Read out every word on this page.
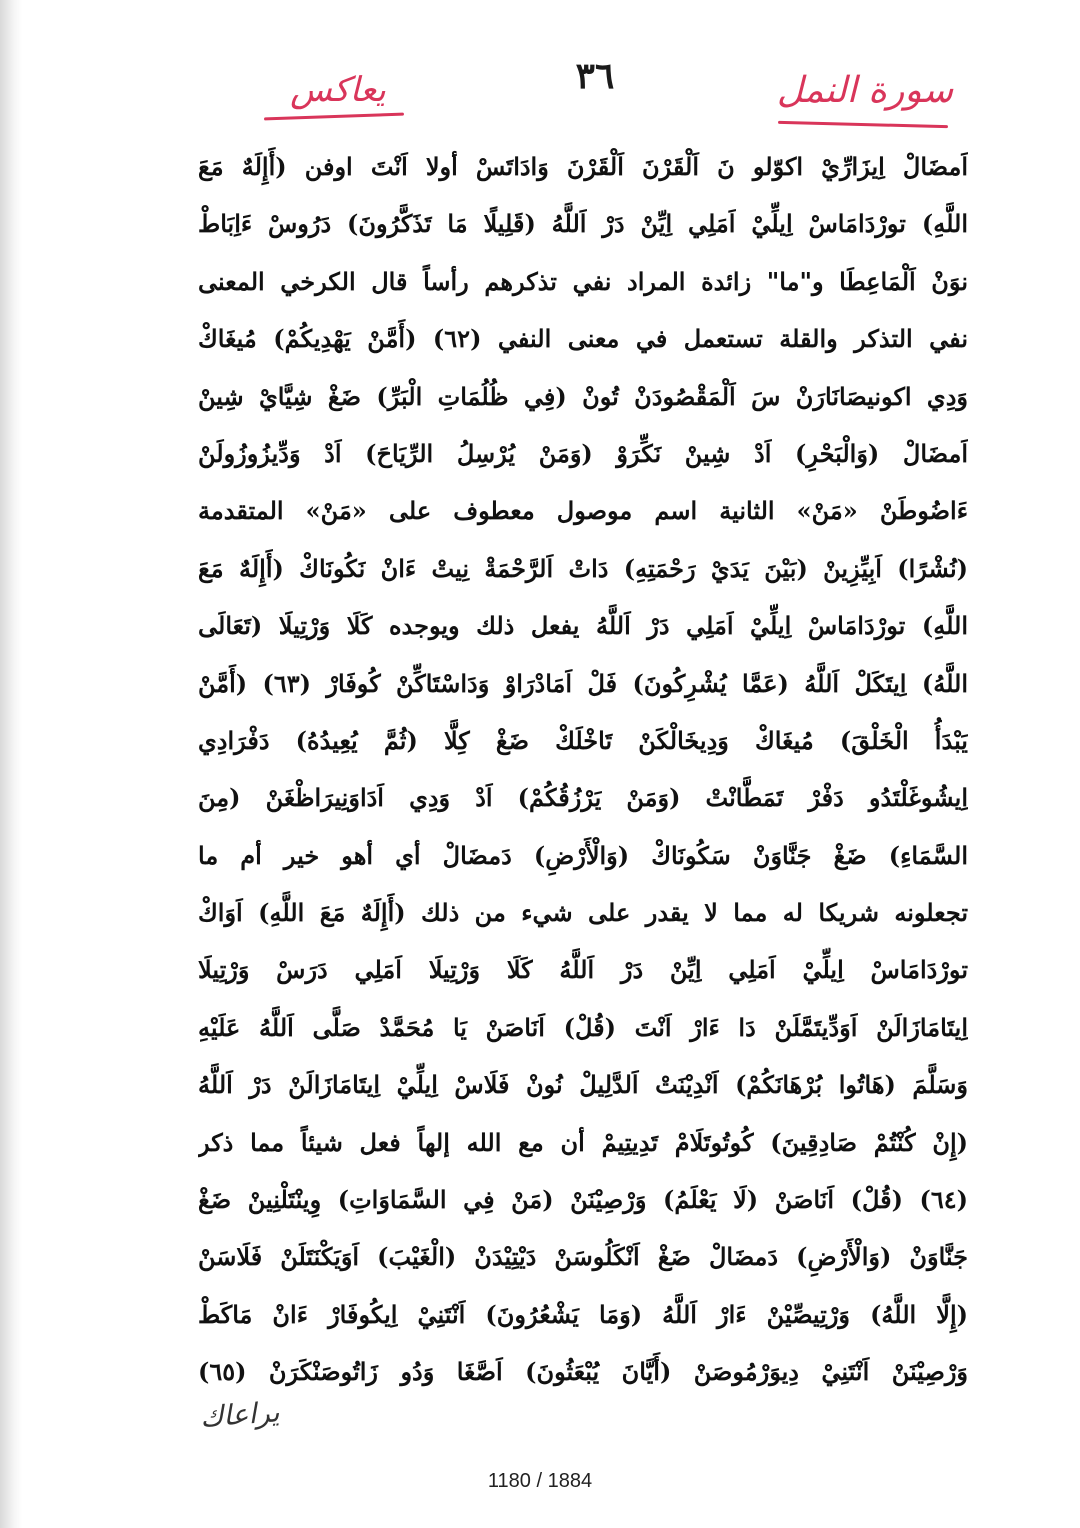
يعاكس	٣٦	سورة النمل
اَمضَالْ اِيزَارِّيْ اكوّلو نَ اَلْقَرْنَ اَلْقَرْنَ وَادَاتَسْ أولا اَنْتَ اوفن (أَإِلَهٌ مَعَ
اللَّهِ) تورْدَامَاسْ اِيلِّيْ اَمَلِي اِيِّنْ دَرْ اَللَّهُ (قَلِيلًا مَا تَذَكَّرُونَ) دَرُوسْ ءَاِبَاطْ
نوَنْ اَلْمَاعِطَا و"ما" زائدة المراد نفي تذكرهم رأساً قال الكرخي المعنى
نفي التذكر والقلة تستعمل في معنى النفي (٦٢) (أَمَّنْ يَهْدِيكُمْ) مُيغَاكْ
وَدِي اكونيصَانَارَنْ سَ اَلْمَقْصُودَنْ تُونْ (فِي ظُلُمَاتِ الْبَرِّ) ضَغْ شِيَّايْ شِينْ
اَمضَالْ (وَالْبَحْرِ) اَدْ شِينْ نَكِّرَوْ (وَمَنْ يُرْسِلُ الرِّيَاحَ) اَدْ وَدِّيزُوزُولَنْ
ءَاضُوطَنْ «مَنْ» الثانية اسم موصول معطوف على «مَنْ» المتقدمة
(نُشْرًا) اَبِيِّزِينْ (بَيْنَ يَدَيْ رَحْمَتِهِ) دَاتْ اَلرَّحْمَةْ نِيتْ ءَانْ نَكُونَاكْ (أَإِلَهٌ مَعَ
اللَّهِ) تورْدَامَاسْ اِيلِّيْ اَمَلِي دَرْ اَللَّهُ يفعل ذلك ويوجده كَلَا وَرْتِيلَا (تَعَالَى
اللَّهُ) اِيتَكَلْ اَللَّهُ (عَمَّا يُشْرِكُونَ) فَلْ اَمَادْرَاوْ وَدَاسْتَاكِّنْ كُوفَارْ (٦٣) (أَمَّنْ
يَبْدَأُ الْخَلْقَ) مُيغَاكْ وَدِيخَالْكَنْ تَاخْلَكْ ضَغْ كِلَّا (ثُمَّ يُعِيدُهُ) دَفْرَادِي
اِيشُوغَلْتَدُو دَفْرْ تَمَطَّانْتْ (وَمَنْ يَرْزُقُكُمْ) اَدْ وَدِي اَدَاوَنِيرَاظْغَنْ (مِنَ
السَّمَاءِ) ضَغْ جَنَّاوَنْ سَكُونَاكْ (وَالْأَرْضِ) دَمضَالْ أي أهو خير أم ما
تجعلونه شريكا له مما لا يقدر على شيء من ذلك (أَإِلَهٌ مَعَ اللَّهِ) اَوَاكْ
تورْدَامَاسْ اِيلِّيْ اَمَلِي اِيِّنْ دَرْ اَللَّهُ كَلَا وَرْتِيلَا اَمَلِي دَرَسْ وَرْتِيلَا
اِيتَامَازَالَنْ اَوَدِّيتَمَّلَنْ دَا ءَارْ اَنْتَ (قُلْ) اَنَاصَنْ يَا مُحَمَّدْ صَلَّى اَللَّهُ عَلَيْهِ
وَسَلَّمَ (هَاتُوا بُرْهَانَكُمْ) اَنْدِيْنَتْ اَلدَّلِيلْ نُونْ فَلَاسْ اِيلِّيْ اِيتَامَازَالَنْ دَرْ اَللَّهُ
(إِنْ كُنْتُمْ صَادِقِينَ) كُوتُوتَلَامْ تَدِيتِيمْ أن مع الله إلهاً فعل شيئاً مما ذكر
(٦٤) (قُلْ) اَنَاصَنْ (لَا يَعْلَمُ) وَرْصِيْنَنْ (مَنْ فِي السَّمَاوَاتِ) وِينْتَلْنِينْ ضَغْ
جَنَّاوَنْ (وَالْأَرْضِ) دَمضَالْ ضَغْ اَنْكَلُوسَنْ دَيْتِيْدَنْ (الْغَيْبَ) اَوَيَكْنَتَلَنْ فَلَاسَنْ
(إِلَّا اللَّهُ) وَرْتِيصِّيْنْ ءَارْ اَللَّهُ (وَمَا يَشْعُرُونَ) اَنْتَنِيْ اِيكُوفَارْ ءَانْ مَاكَطْ
وَرْصِيْنَنْ اَنْتَنِيْ دِيوَرْمُوصَنْ (أَيَّانَ يُبْعَثُونَ) اَصَّغَا وَدُو زَاتُوصَنْكَرَنْ (٦٥)
يراعاك
1180 / 1884
